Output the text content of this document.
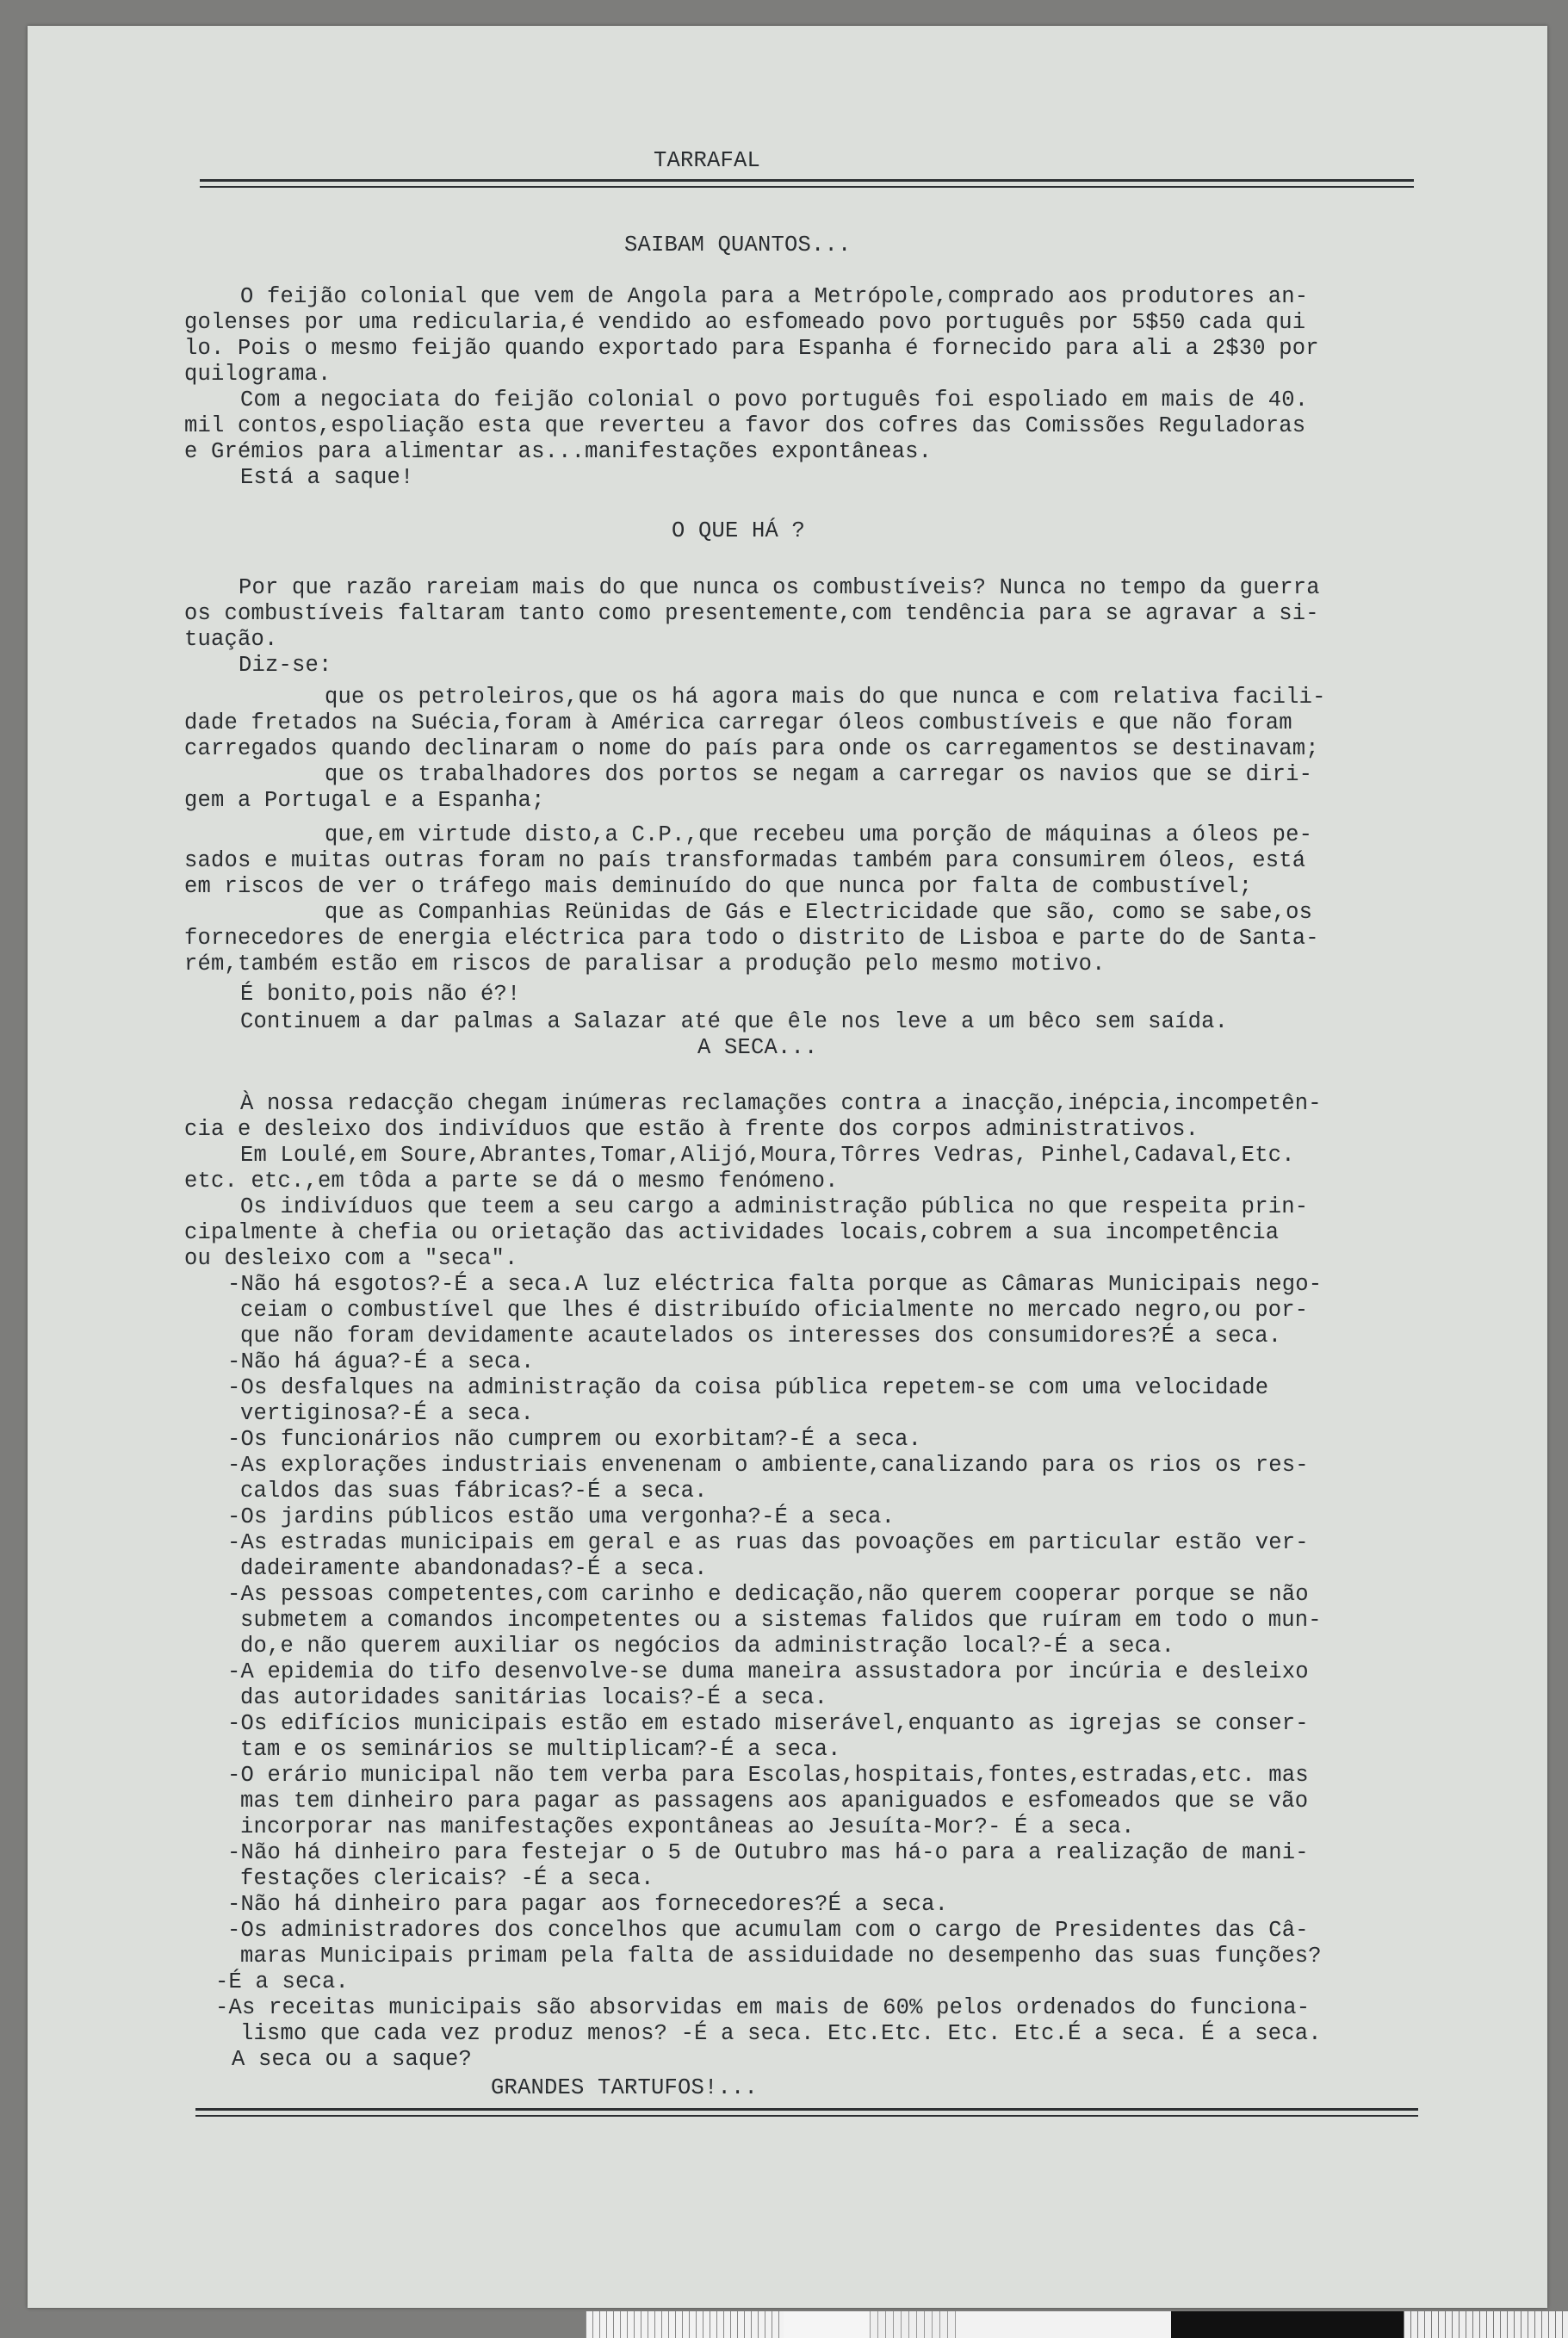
TARRAFAL
SAIBAM QUANTOS...
O feijão colonial que vem de Angola para a Metrópole,comprado aos produtores an-
golenses por uma redicularia,é vendido ao esfomeado povo português por 5$50 cada qui
lo. Pois o mesmo feijão quando exportado para Espanha é fornecido para ali a 2$30 por
quilograma.
Com a negociata do feijão colonial o povo português foi espoliado em mais de 40.
mil contos,espoliação esta que reverteu a favor dos cofres das Comissões Reguladoras
e Grémios para alimentar as...manifestações expontâneas.
Está a saque!
O QUE HÁ ?
Por que razão rareiam mais do que nunca os combustíveis? Nunca no tempo da guerra
os combustíveis faltaram tanto como presentemente,com tendência para se agravar a si-
tuação.
Diz-se:
que os petroleiros,que os há agora mais do que nunca e com relativa facili-
dade fretados na Suécia,foram à América carregar óleos combustíveis e que não foram
carregados quando declinaram o nome do país para onde os carregamentos se destinavam;
que os trabalhadores dos portos se negam a carregar os navios que se diri-
gem a Portugal e a Espanha;
que,em virtude disto,a C.P.,que recebeu uma porção de máquinas a óleos pe-
sados e muitas outras foram no país transformadas também para consumirem óleos, está
em riscos de ver o tráfego mais deminuído do que nunca por falta de combustível;
que as Companhias Reünidas de Gás e Electricidade que são, como se sabe,os
fornecedores de energia eléctrica para todo o distrito de Lisboa e parte do de Santa-
rém,também estão em riscos de paralisar a produção pelo mesmo motivo.
É bonito,pois não é?!
Continuem a dar palmas a Salazar até que êle nos leve a um bêco sem saída.
A SECA...
À nossa redacção chegam inúmeras reclamações contra a inacção,inépcia,incompetên-
cia e desleixo dos indivíduos que estão à frente dos corpos administrativos.
Em Loulé,em Soure,Abrantes,Tomar,Alijó,Moura,Tôrres Vedras, Pinhel,Cadaval,Etc.
etc. etc.,em tôda a parte se dá o mesmo fenómeno.
Os indivíduos que teem a seu cargo a administração pública no que respeita prin-
cipalmente à chefia ou orietação das actividades locais,cobrem a sua incompetência
ou desleixo com a "seca".
-Não há esgotos?-É a seca.A luz eléctrica falta porque as Câmaras Municipais nego-
ceiam o combustível que lhes é distribuído oficialmente no mercado negro,ou por-
que não foram devidamente acautelados os interesses dos consumidores?É a seca.
-Não há água?-É a seca.
-Os desfalques na administração da coisa pública repetem-se com uma velocidade
vertiginosa?-É a seca.
-Os funcionários não cumprem ou exorbitam?-É a seca.
-As explorações industriais envenenam o ambiente,canalizando para os rios os res-
caldos das suas fábricas?-É a seca.
-Os jardins públicos estão uma vergonha?-É a seca.
-As estradas municipais em geral e as ruas das povoações em particular estão ver-
dadeiramente abandonadas?-É a seca.
-As pessoas competentes,com carinho e dedicação,não querem cooperar porque se não
submetem a comandos incompetentes ou a sistemas falidos que ruíram em todo o mun-
do,e não querem auxiliar os negócios da administração local?-É a seca.
-A epidemia do tifo desenvolve-se duma maneira assustadora por incúria e desleixo
das autoridades sanitárias locais?-É a seca.
-Os edifícios municipais estão em estado miserável,enquanto as igrejas se conser-
tam e os seminários se multiplicam?-É a seca.
-O erário municipal não tem verba para Escolas,hospitais,fontes,estradas,etc. mas
mas tem dinheiro para pagar as passagens aos apaniguados e esfomeados que se vão
incorporar nas manifestações expontâneas ao Jesuíta-Mor?- É a seca.
-Não há dinheiro para festejar o 5 de Outubro mas há-o para a realização de mani-
festações clericais? -É a seca.
-Não há dinheiro para pagar aos fornecedores?É a seca.
-Os administradores dos concelhos que acumulam com o cargo de Presidentes das Câ-
maras Municipais primam pela falta de assiduidade no desempenho das suas funções?
-É a seca.
-As receitas municipais são absorvidas em mais de 60% pelos ordenados do funciona-
lismo que cada vez produz menos? -É a seca. Etc.Etc. Etc. Etc.É a seca. É a seca.
A seca ou a saque?
GRANDES TARTUFOS!...
